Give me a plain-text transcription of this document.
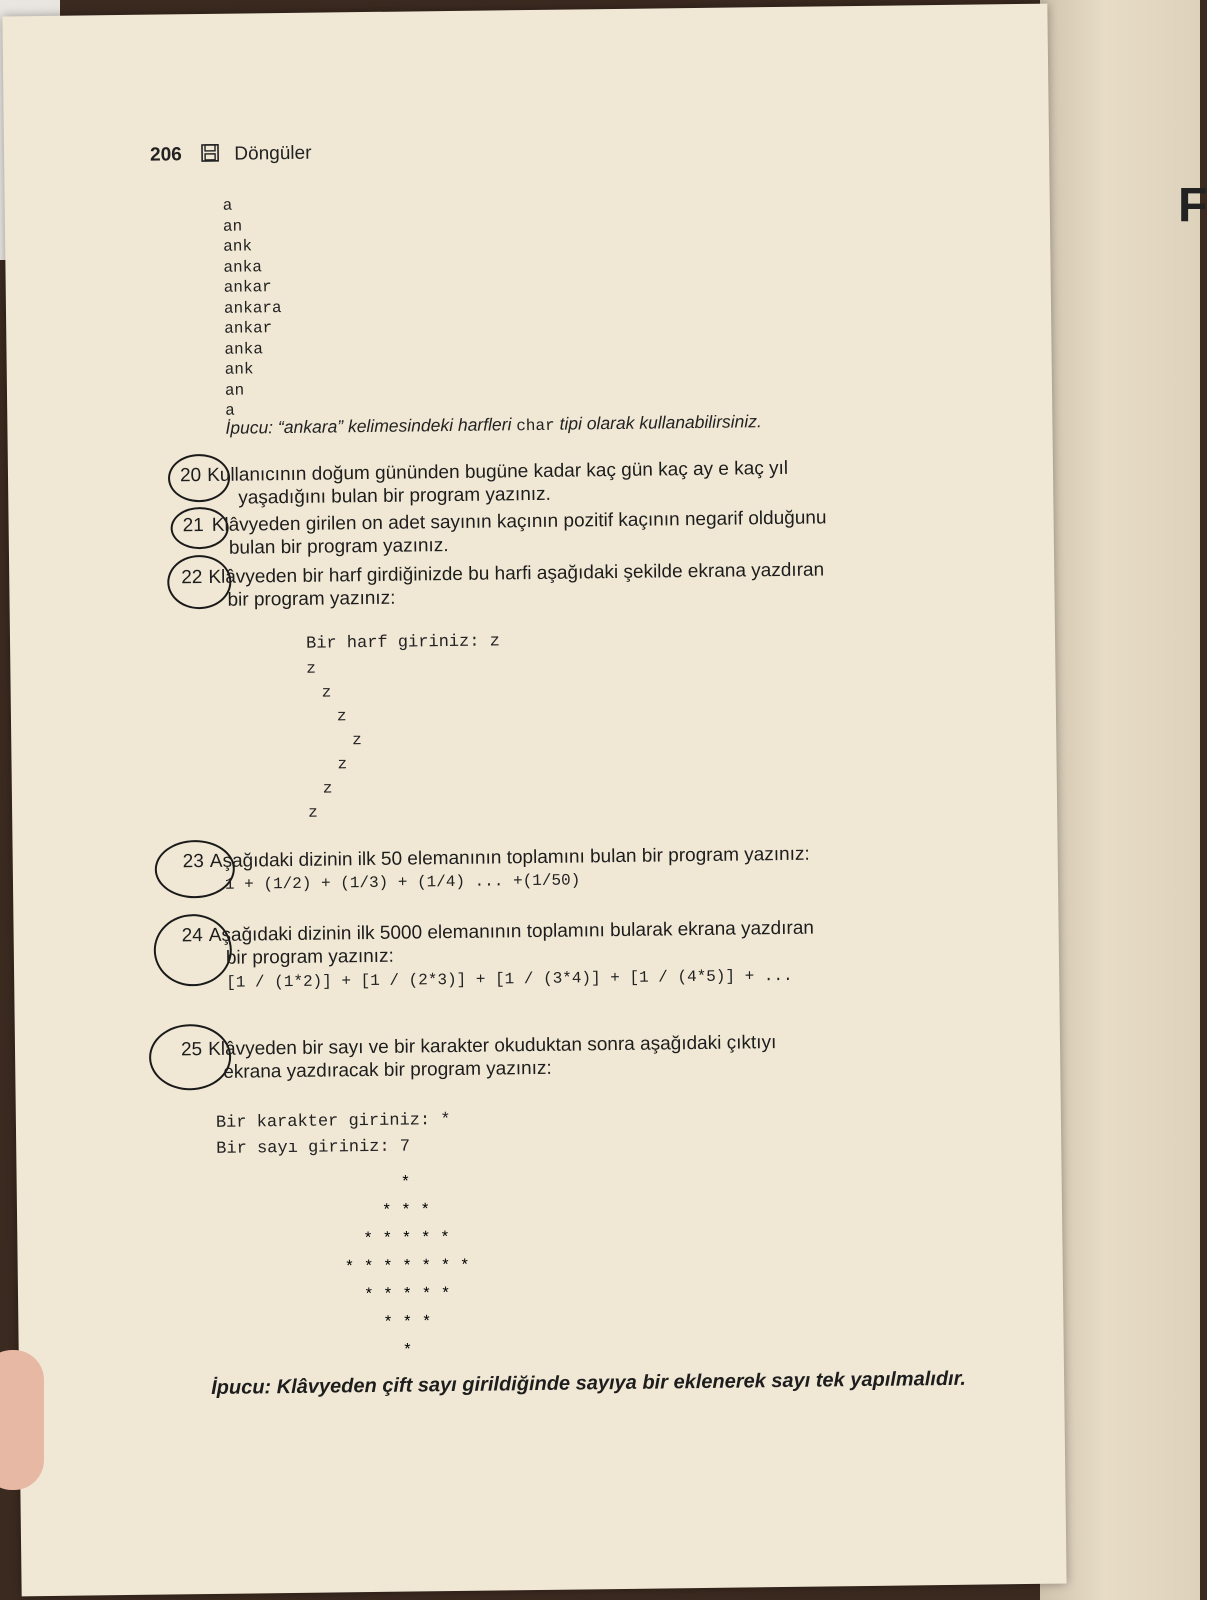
F
206	Döngüler
a
an
ank
anka
ankar
ankara
ankar
anka
ank
an
a
İpucu: “ankara” kelimesindeki harfleri char tipi olarak kullanabilirsiniz.
20 Kullanıcının doğum gününden bugüne kadar kaç gün kaç ay e kaç yıl
yaşadığını bulan bir program yazınız.
21 Klâvyeden girilen on adet sayının kaçının pozitif kaçının negarif olduğunu
bulan bir program yazınız.
22 Klâvyeden bir harf girdiğinizde bu harfi aşağıdaki şekilde ekrana yazdıran
bir program yazınız:
Bir harf giriniz: z
z
z
z
z
z
z
z
23 Aşağıdaki dizinin ilk 50 elemanının toplamını bulan bir program yazınız:
1 + (1/2) + (1/3) + (1/4) ... +(1/50)
24 Aşağıdaki dizinin ilk 5000 elemanının toplamını bularak ekrana yazdıran
bir program yazınız:
[1 / (1*2)] + [1 / (2*3)] + [1 / (3*4)] + [1 / (4*5)] + ...
25 Klâvyeden bir sayı ve bir karakter okuduktan sonra aşağıdaki çıktıyı
ekrana yazdıracak bir program yazınız:
Bir karakter giriniz: *
Bir sayı giriniz: 7
*
* * *
* * * * *
* * * * * * *
* * * * *
* * *
*
İpucu: Klâvyeden çift sayı girildiğinde sayıya bir eklenerek sayı tek yapılmalıdır.
